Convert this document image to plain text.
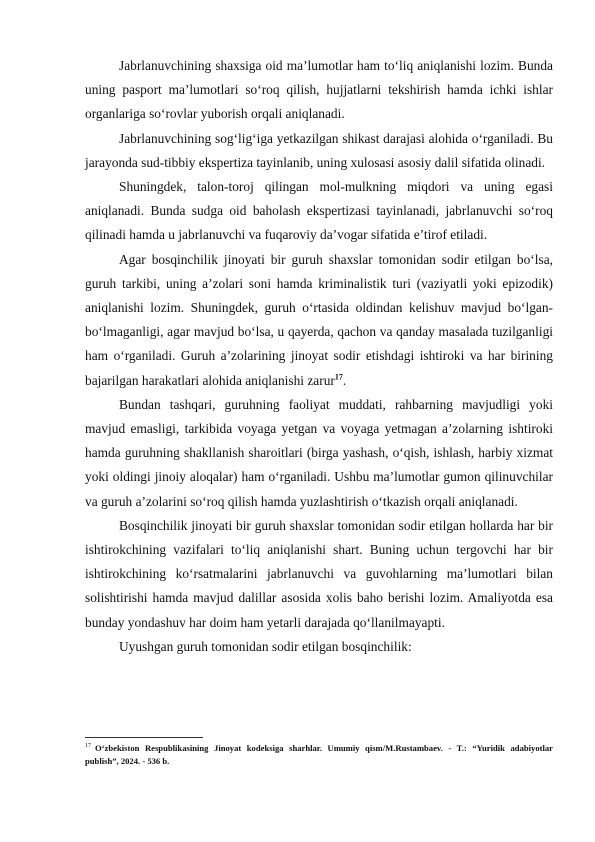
Jabrlanuvchining shaxsiga oid ma’lumotlar ham to‘liq aniqlanishi lozim. Bunda uning pasport ma’lumotlari so‘roq qilish, hujjatlarni tekshirish hamda ichki ishlar organlariga so‘rovlar yuborish orqali aniqlanadi.

Jabrlanuvchining sog‘lig‘iga yetkazilgan shikast darajasi alohida o‘rganiladi. Bu jarayonda sud-tibbiy ekspertiza tayinlanib, uning xulosasi asosiy dalil sifatida olinadi.

Shuningdek, talon-toroj qilingan mol-mulkning miqdori va uning egasi aniqlanadi. Bunda sudga oid baholash ekspertizasi tayinlanadi, jabrlanuvchi so‘roq qilinadi hamda u jabrlanuvchi va fuqaroviy da’vogar sifatida e’tirof etiladi.

Agar bosqinchilik jinoyati bir guruh shaxslar tomonidan sodir etilgan bo‘lsa, guruh tarkibi, uning a’zolari soni hamda kriminalistik turi (vaziyatli yoki epizodik) aniqlanishi lozim. Shuningdek, guruh o‘rtasida oldindan kelishuv mavjud bo‘lgan-bo‘lmaganligi, agar mavjud bo‘lsa, u qayerda, qachon va qanday masalada tuzilganligi ham o‘rganiladi. Guruh a’zolarining jinoyat sodir etishdagi ishtiroki va har birining bajarilgan harakatlari alohida aniqlanishi zarur$^{17}$.

Bundan tashqari, guruhning faoliyat muddati, rahbarning mavjudligi yoki mavjud emasligi, tarkibida voyaga yetgan va voyaga yetmagan a’zolarning ishtiroki hamda guruhning shakllanish sharoitlari (birga yashash, o‘qish, ishlash, harbiy xizmat yoki oldingi jinoiy aloqalar) ham o‘rganiladi. Ushbu ma’lumotlar gumon qilinuvchilar va guruh a’zolarini so‘roq qilish hamda yuzlashtirish o‘tkazish orqali aniqlanadi.

Bosqinchilik jinoyati bir guruh shaxslar tomonidan sodir etilgan hollarda har bir ishtirokchining vazifalari to‘liq aniqlanishi shart. Buning uchun tergovchi har bir ishtirokchining ko‘rsatmalarini jabrlanuvchi va guvohlarning ma’lumotlari bilan solishtirishi hamda mavjud dalillar asosida xolis baho berishi lozim. Amaliyotda esa bunday yondashuv har doim ham yetarli darajada qo‘llanilmayapti.

Uyushgan guruh tomonidan sodir etilgan bosqinchilik:

$^{17}$ O‘zbekiston Respublikasining Jinoyat kodeksiga sharhlar. Umumiy qism/M.Rustambaev. - T.: “Yuridik adabiyotlar publish”, 2024. - 536 b.
